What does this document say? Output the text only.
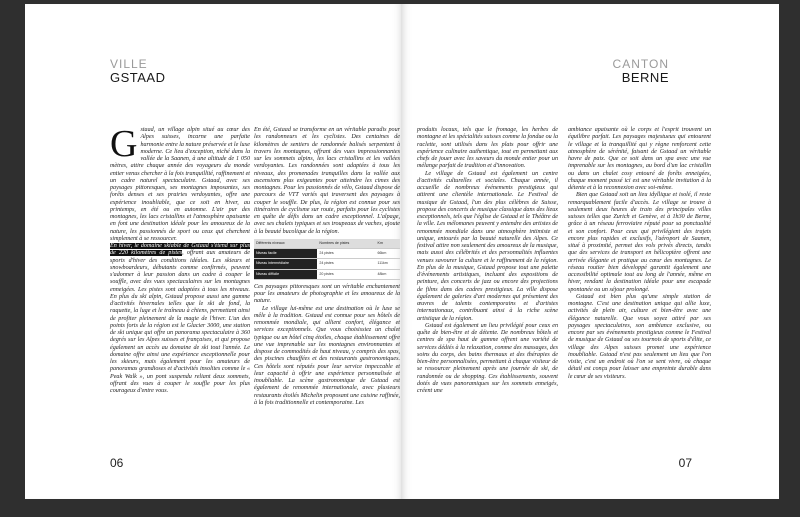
VILLE
GSTAAD

Gstaad, un village alpin situé au cœur des Alpes suisses, incarne une parfaite harmonie entre la nature préservée et le luxe moderne. Ce lieu d'exception, niché dans la vallée de la Saanen, à une altitude de 1 050 mètres, attire chaque année des voyageurs du monde entier venus chercher à la fois tranquillité, raffinement et un cadre naturel spectaculaire. Gstaad, avec ses paysages pittoresques, ses montagnes imposantes, ses forêts denses et ses prairies verdoyantes, offre une expérience inoubliable, que ce soit en hiver, au printemps, en été ou en automne. L'air pur des montagnes, les lacs cristallins et l'atmosphère apaisante en font une destination idéale pour les amoureux de la nature, les passionnés de sport ou ceux qui cherchent simplement à se ressourcer.

En hiver, le domaine skiable de Gstaad s'étend sur plus de 220 kilomètres de pistes, offrant aux amateurs de sports d'hiver des conditions idéales. Les skieurs et snowboardeurs, débutants comme confirmés, peuvent s'adonner à leur passion dans un cadre à couper le souffle, avec des vues spectaculaires sur les montagnes enneigées. Les pistes sont adaptées à tous les niveaux. En plus du ski alpin, Gstaad propose aussi une gamme d'activités hivernales telles que le ski de fond, la raquette, la luge et le traîneau à chiens, permettant ainsi de profiter pleinement de la magie de l'hiver. L'un des points forts de la région est le Glacier 3000, une station de ski unique qui offre un panorama spectaculaire à 360 degrés sur les Alpes suisses et françaises, et qui propose également un accès au domaine de ski tout l'année. Le domaine offre ainsi une expérience exceptionnelle pour les skieurs, mais également pour les amateurs de panoramas grandioses et d'activités insolites comme le « Peak Walk », un pont suspendu reliant deux sommets, offrant des vues à couper le souffle pour les plus courageux d'entre vous.

En été, Gstaad se transforme en un véritable paradis pour les randonneurs et les cyclistes. Des centaines de kilomètres de sentiers de randonnée balisés serpentent à travers les montagnes, offrant des vues impressionnantes sur les sommets alpins, les lacs cristallins et les vallées verdoyantes. Les randonnées sont adaptées à tous les niveaux, des promenades tranquilles dans la vallée aux ascensions plus exigeantes pour atteindre les cimes des montagnes. Pour les passionnés de vélo, Gstaad dispose de parcours de VTT variés qui traversent des paysages à couper le souffle. De plus, la région est connue pour ses itinéraires de cyclisme sur route, parfaits pour les cyclistes en quête de défis dans un cadre exceptionnel. L'alpage, avec ses chalets typiques et ses troupeaux de vaches, ajoute à la beauté bucolique de la région.

Différents niveaux	Nombres de pistes	Km
Niveau facile	24 pistes	66km
Niveau intermédiaire	24 pistes	111km
Niveau difficile	20 pistes	48km

Ces paysages pittoresques sont un véritable enchantement pour les amateurs de photographie et les amoureux de la nature.

Le village lui-même est une destination où le luxe se mêle à la tradition. Gstaad est connue pour ses hôtels de renommée mondiale, qui allient confort, élégance et services exceptionnels. Que vous choisissiez un chalet typique ou un hôtel cinq étoiles, chaque établissement offre une vue imprenable sur les montagnes environnantes et dispose de commodités de haut niveau, y compris des spas, des piscines chauffées et des restaurants gastronomiques. Ces hôtels sont réputés pour leur service impeccable et leur capacité à offrir une expérience personnalisée et inoubliable. La scène gastronomique de Gstaad est également de renommée internationale, avec plusieurs restaurants étoilés Michelin proposant une cuisine raffinée, à la fois traditionnelle et contemporaine. Les

06
CANTON
BERNE

produits locaux, tels que le fromage, les herbes de montagne et les spécialités suisses comme la fondue ou la raclette, sont utilisés dans les plats pour offrir une expérience culinaire authentique, tout en permettant aux chefs de jouer avec les saveurs du monde entier pour un mélange parfait de tradition et d'innovation.

Le village de Gstaad est également un centre d'activités culturelles et sociales. Chaque année, il accueille de nombreux événements prestigieux qui attirent une clientèle internationale. Le Festival de musique de Gstaad, l'un des plus célèbres de Suisse, propose des concerts de musique classique dans des lieux exceptionnels, tels que l'église de Gstaad et le Théâtre de la ville. Les mélomanes peuvent y entendre des artistes de renommée mondiale dans une atmosphère intimiste et unique, entourés par la beauté naturelle des Alpes. Ce festival attire non seulement des amoureux de la musique, mais aussi des célébrités et des personnalités influentes venues savourer la culture et le raffinement de la région. En plus de la musique, Gstaad propose tout une palette d'événements artistiques, incluant des expositions de peinture, des concerts de jazz ou encore des projections de films dans des cadres prestigieux. La ville dispose également de galeries d'art modernes qui présentent des œuvres de talents contemporains et d'artistes internationaux, contribuant ainsi à la riche scène artistique de la région.

Gstaad est également un lieu privilégié pour ceux en quête de bien-être et de détente. De nombreux hôtels et centres de spa haut de gamme offrent une variété de services dédiés à la relaxation, comme des massages, des soins du corps, des bains thermaux et des thérapies de bien-être personnalisées, permettant à chaque visiteur de se ressourcer pleinement après une journée de ski, de randonnée ou de shopping. Ces établissements, souvent dotés de vues panoramiques sur les sommets enneigés, créent une

ambiance apaisante où le corps et l'esprit trouvent un équilibre parfait. Les paysages majestueux qui entourent le village et la tranquillité qui y règne renforcent cette atmosphère de sérénité, faisant de Gstaad un véritable havre de paix. Que ce soit dans un spa avec une vue imprenable sur les montagnes, au bord d'un lac cristallin ou dans un chalet cosy entouré de forêts enneigées, chaque moment passé ici est une véritable invitation à la détente et à la reconnexion avec soi-même.

Bien que Gstaad soit un lieu idyllique et isolé, il reste remarquablement facile d'accès. Le village se trouve à seulement deux heures de train des principales villes suisses telles que Zurich et Genève, et à 1h30 de Berne, grâce à un réseau ferroviaire réputé pour sa ponctualité et son confort. Pour ceux qui privilégient des trajets encore plus rapides et exclusifs, l'aéroport de Saanen, situé à proximité, permet des vols privés directs, tandis que des services de transport en hélicoptère offrent une arrivée élégante et pratique au cœur des montagnes. Le réseau routier bien développé garantit également une accessibilité optimale tout au long de l'année, même en hiver, rendant la destination idéale pour une escapade spontanée ou un séjour prolongé.

Gstaad est bien plus qu'une simple station de montagne. C'est une destination unique qui allie luxe, activités de plein air, culture et bien-être avec une élégance naturelle. Que vous soyez attiré par ses paysages spectaculaires, son ambiance exclusive, ou encore par ses événements prestigieux comme le Festival de musique de Gstaad ou ses tournois de sports d'élite, ce village des Alpes suisses promet une expérience inoubliable. Gstaad n'est pas seulement un lieu que l'on visite, c'est un endroit où l'on se sent vivre, où chaque détail est conçu pour laisser une empreinte durable dans le cœur de ses visiteurs.

07
